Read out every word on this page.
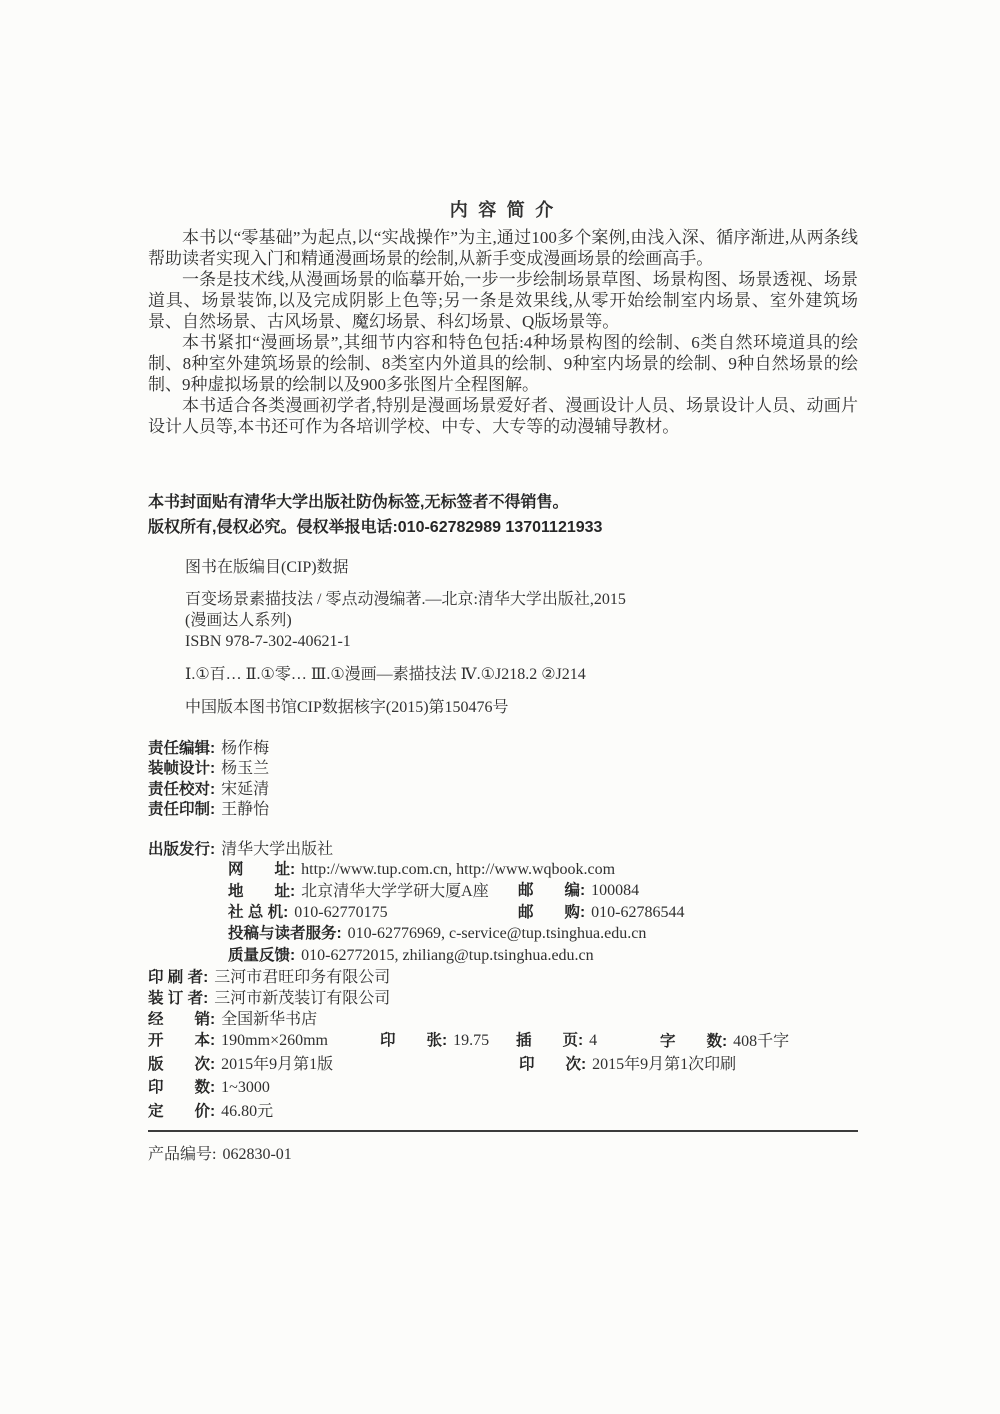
内 容 简 介

本书以“零基础”为起点,以“实战操作”为主,通过100多个案例,由浅入深、循序渐进,从两条线帮助读者实现入门和精通漫画场景的绘制,从新手变成漫画场景的绘画高手。

一条是技术线,从漫画场景的临摹开始,一步一步绘制场景草图、场景构图、场景透视、场景道具、场景装饰,以及完成阴影上色等;另一条是效果线,从零开始绘制室内场景、室外建筑场景、自然场景、古风场景、魔幻场景、科幻场景、Q版场景等。

本书紧扣“漫画场景”,其细节内容和特色包括:4种场景构图的绘制、6类自然环境道具的绘制、8种室外建筑场景的绘制、8类室内外道具的绘制、9种室内场景的绘制、9种自然场景的绘制、9种虚拟场景的绘制以及900多张图片全程图解。

本书适合各类漫画初学者,特别是漫画场景爱好者、漫画设计人员、场景设计人员、动画片设计人员等,本书还可作为各培训学校、中专、大专等的动漫辅导教材。

本书封面贴有清华大学出版社防伪标签,无标签者不得销售。

版权所有,侵权必究。侵权举报电话:010-62782989 13701121933

图书在版编目(CIP)数据
百变场景素描技法 / 零点动漫编著.—北京:清华大学出版社,2015
(漫画达人系列)
ISBN 978-7-302-40621-1
Ⅰ.①百… Ⅱ.①零… Ⅲ.①漫画—素描技法 Ⅳ.①J218.2 ②J214
中国版本图书馆CIP数据核字(2015)第150476号
责任编辑: 杨作梅
装帧设计: 杨玉兰
责任校对: 宋延清
责任印制: 王静怡
出版发行: 清华大学出版社
网　　址: http://www.tup.com.cn, http://www.wqbook.com
地　　址: 北京清华大学学研大厦A座 邮　　编: 100084
社 总 机: 010-62770175	邮　　购: 010-62786544
投稿与读者服务: 010-62776969, c-service@tup.tsinghua.edu.cn
质量反馈: 010-62772015, zhiliang@tup.tsinghua.edu.cn
印 刷 者: 三河市君旺印务有限公司
装 订 者: 三河市新茂装订有限公司
经　　销: 全国新华书店
开　　本: 190mm×260mm	印　　张: 19.75 插　　页: 4	字　　数: 408千字
版　　次: 2015年9月第1版	印　　次: 2015年9月第1次印刷
印　　数: 1~3000
定　　价: 46.80元
产品编号: 062830-01
